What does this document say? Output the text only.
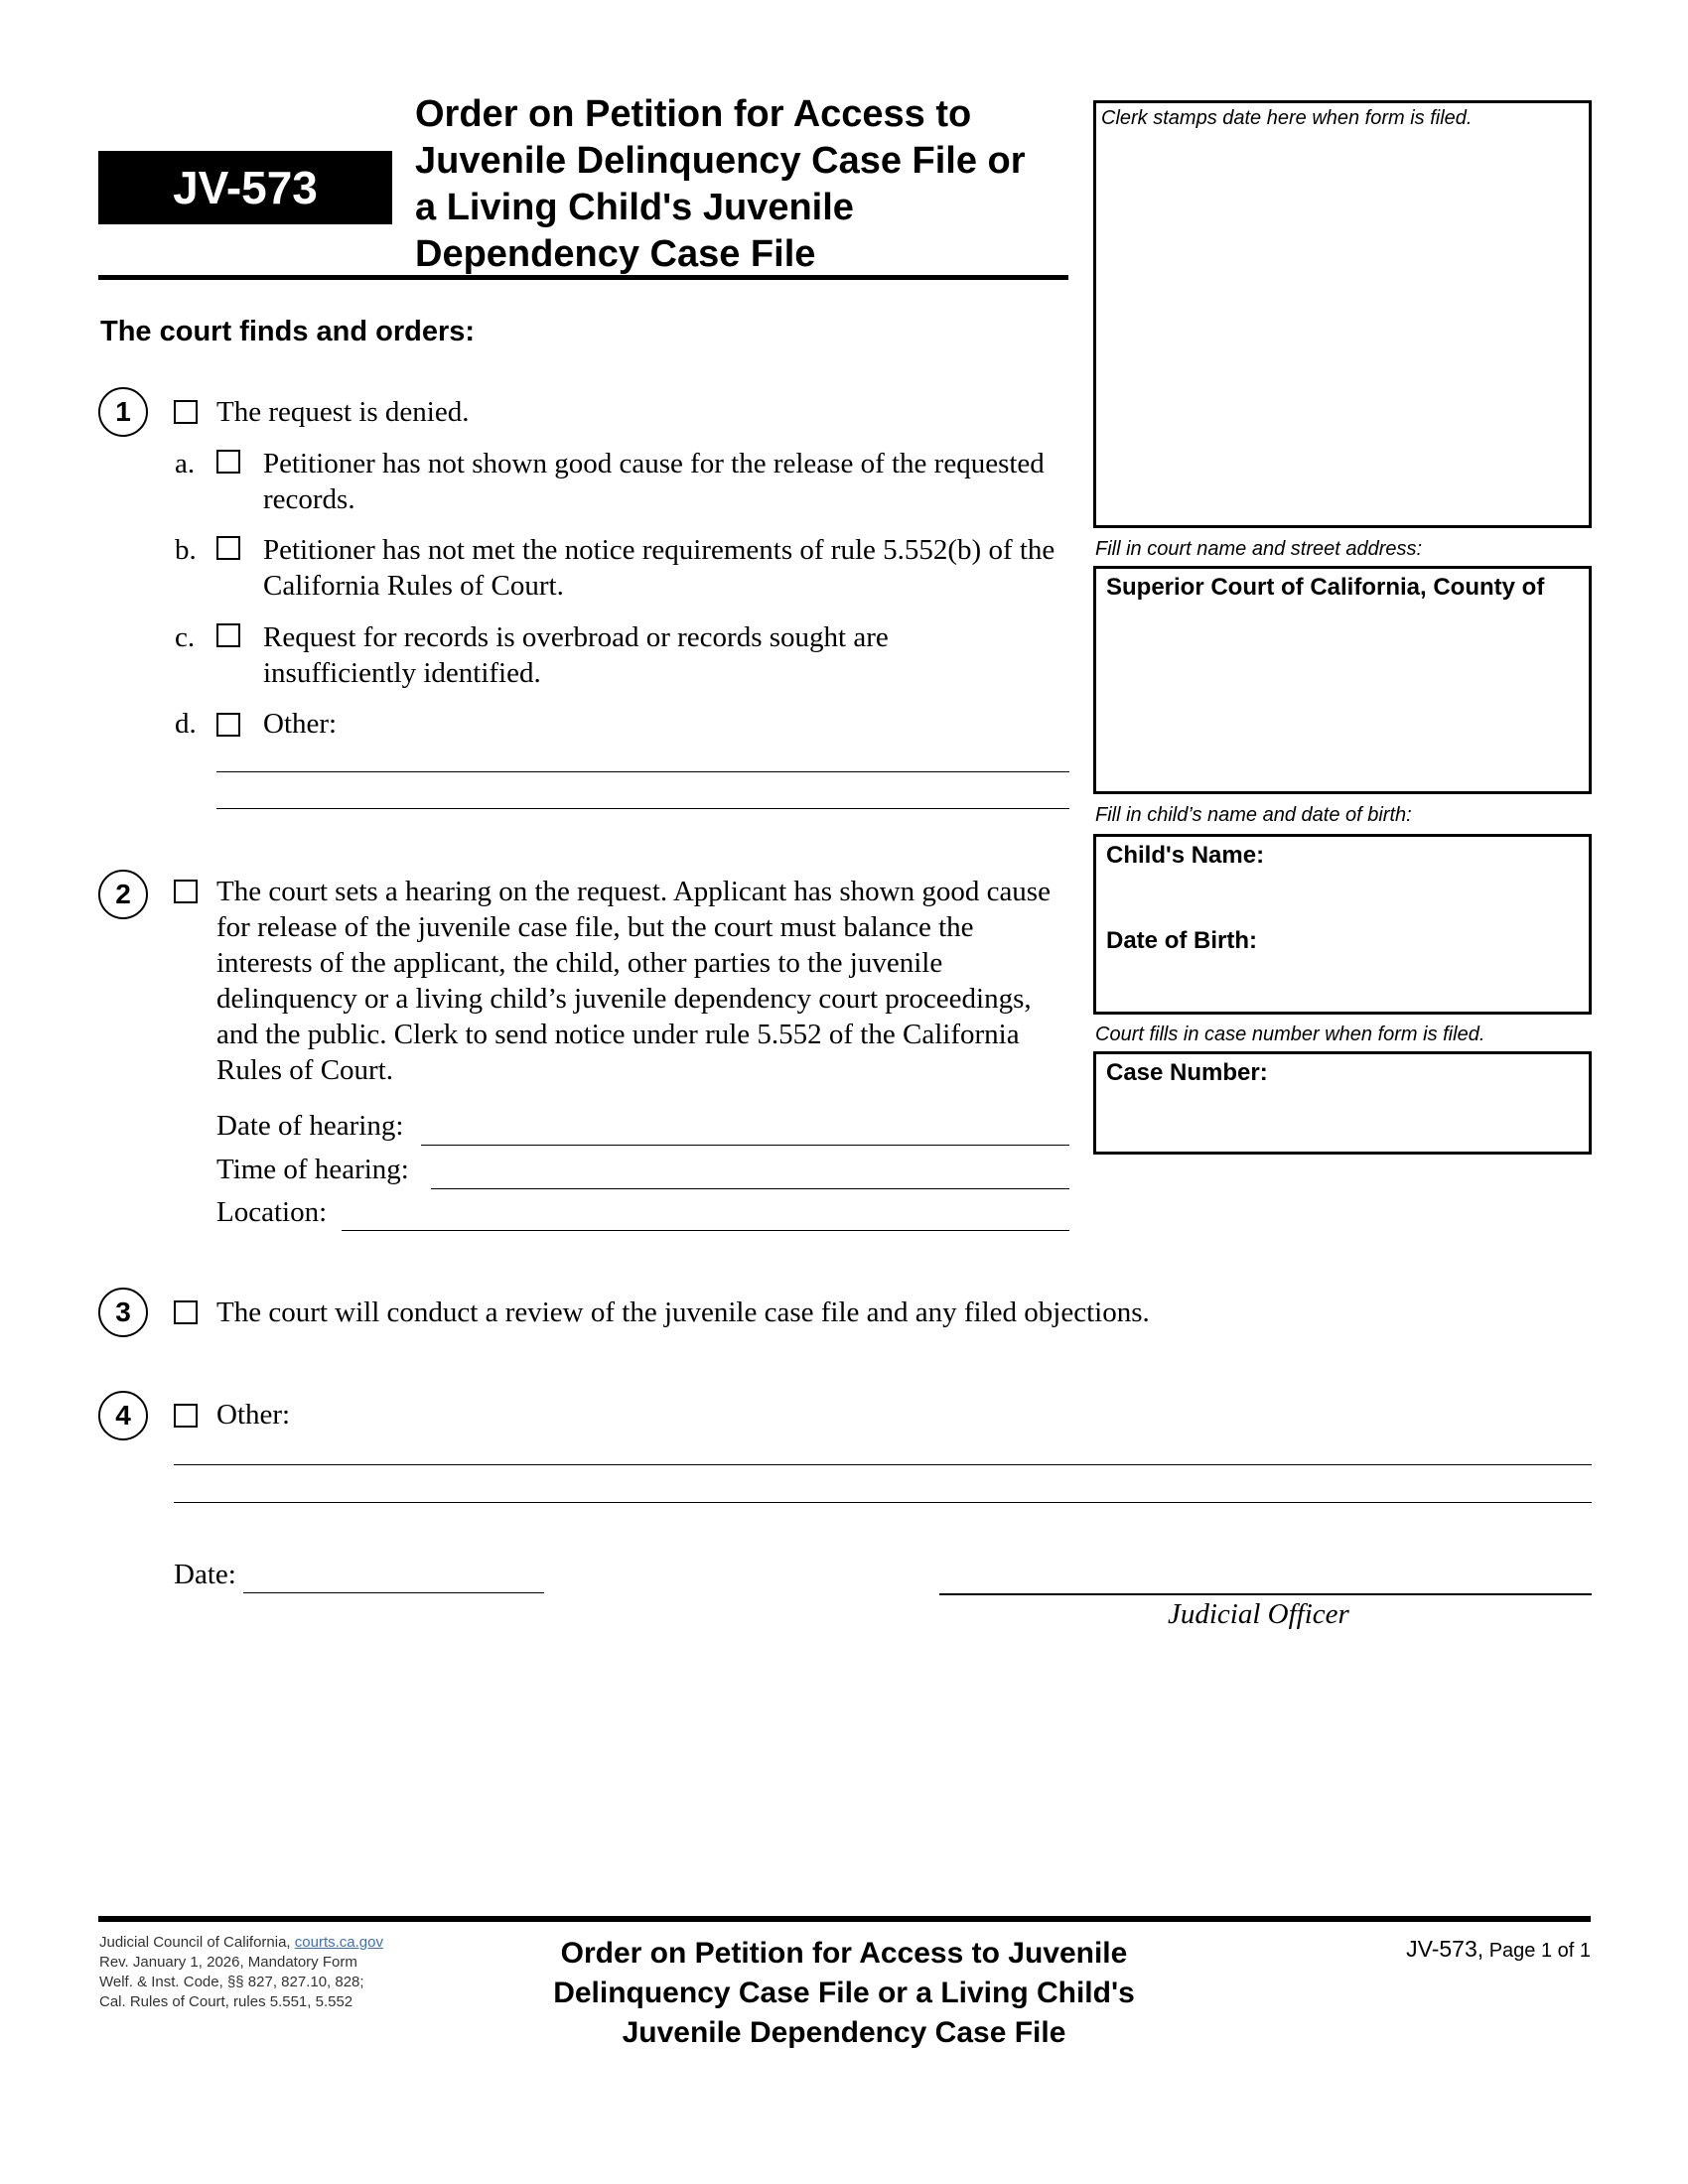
JV-573
Order on Petition for Access to Juvenile Delinquency Case File or a Living Child's Juvenile Dependency Case File
The court finds and orders:
Clerk stamps date here when form is filed.
Fill in court name and street address:
Superior Court of California, County of
Fill in child’s name and date of birth:
Child's Name:
Date of Birth:
Court fills in case number when form is filed.
Case Number:
1	The request is denied.
a. Petitioner has not shown good cause for the release of the requested records.
b. Petitioner has not met the notice requirements of rule 5.552(b) of the California Rules of Court.
c. Request for records is overbroad or records sought are insufficiently identified.
d. Other:
2	The court sets a hearing on the request. Applicant has shown good cause for release of the juvenile case file, but the court must balance the interests of the applicant, the child, other parties to the juvenile delinquency or a living child’s juvenile dependency court proceedings, and the public. Clerk to send notice under rule 5.552 of the California Rules of Court.
Date of hearing:
Time of hearing:
Location:
3	The court will conduct a review of the juvenile case file and any filed objections.
4	Other:
Date:
Judicial Officer
Judicial Council of California, courts.ca.gov
Rev. January 1, 2026, Mandatory Form
Welf. & Inst. Code, §§ 827, 827.10, 828;
Cal. Rules of Court, rules 5.551, 5.552
Order on Petition for Access to Juvenile Delinquency Case File or a Living Child's Juvenile Dependency Case File
JV-573, Page 1 of 1
